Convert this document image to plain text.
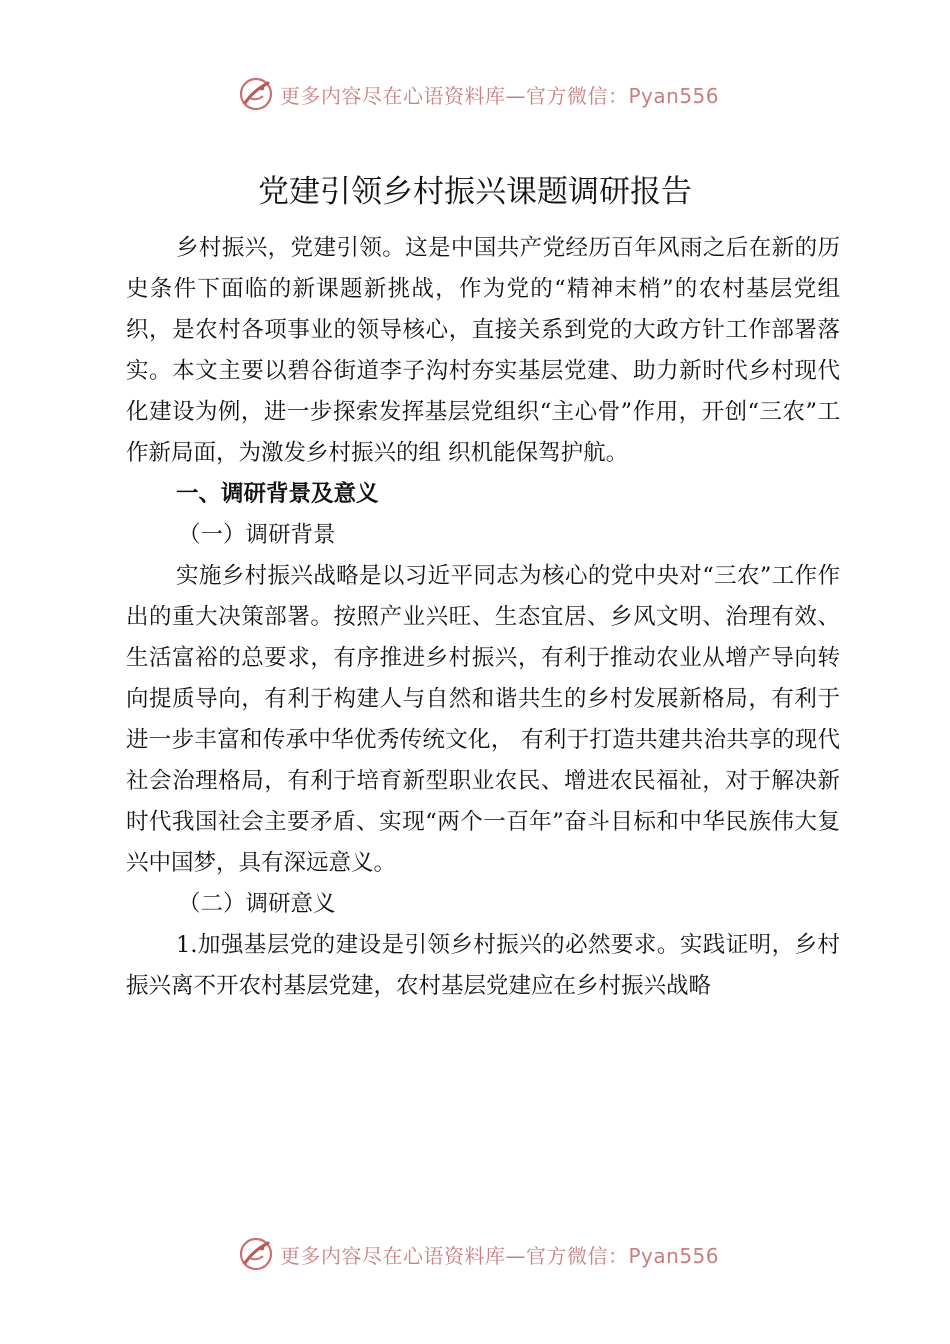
更多内容尽在心语资料库—官方微信：Pyan556
党建引领乡村振兴课题调研报告

乡村振兴，党建引领。这是中国共产党经历百年风雨之后在新的历史条件下面临的新课题新挑战，作为党的“精神末梢”的农村基层党组织，是农村各项事业的领导核心，直接关系到党的大政方针工作部署落实。本文主要以碧谷街道李子沟村夯实基层党建、助力新时代乡村现代化建设为例，进一步探索发挥基层党组织“主心骨”作用，开创“三农”工作新局面，为激发乡村振兴的组 织机能保驾护航。

一、调研背景及意义

（一）调研背景

实施乡村振兴战略是以习近平同志为核心的党中央对“三农”工作作出的重大决策部署。按照产业兴旺、生态宜居、乡风文明、治理有效、生活富裕的总要求，有序推进乡村振兴，有利于推动农业从增产导向转向提质导向，有利于构建人与自然和谐共生的乡村发展新格局，有利于进一步丰富和传承中华优秀传统文化， 有利于打造共建共治共享的现代社会治理格局，有利于培育新型职业农民、增进农民福祉，对于解决新时代我国社会主要矛盾、实现“两个一百年”奋斗目标和中华民族伟大复兴中国梦，具有深远意义。

（二）调研意义

1.加强基层党的建设是引领乡村振兴的必然要求。实践证明，乡村振兴离不开农村基层党建，农村基层党建应在乡村振兴战略

更多内容尽在心语资料库—官方微信：Pyan556
